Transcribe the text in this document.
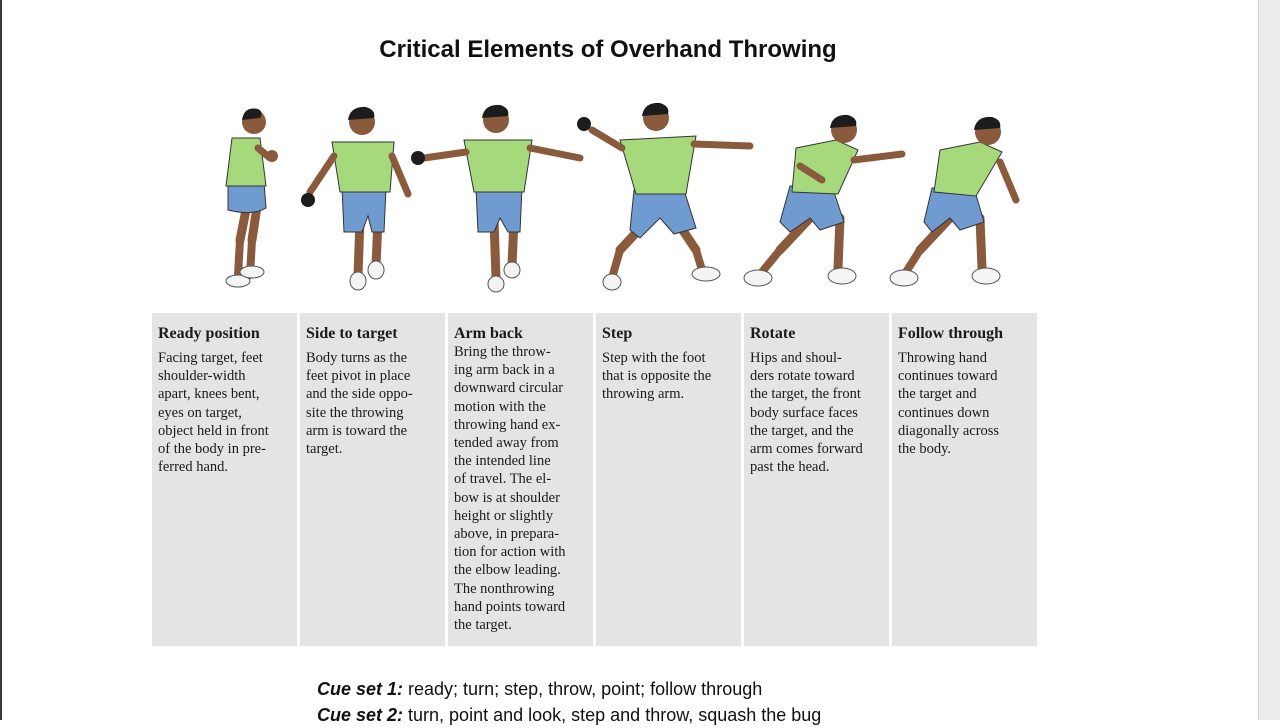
Critical Elements of Overhand Throwing
Ready position
Facing target, feet
shoulder-width
apart, knees bent,
eyes on target,
object held in front
of the body in pre-
ferred hand.
Side to target
Body turns as the
feet pivot in place
and the side oppo-
site the throwing
arm is toward the
target.
Arm back
Bring the throw-
ing arm back in a
downward circular
motion with the
throwing hand ex-
tended away from
the intended line
of travel. The el-
bow is at shoulder
height or slightly
above, in prepara-
tion for action with
the elbow leading.
The nonthrowing
hand points toward
the target.
Step
Step with the foot
that is opposite the
throwing arm.
Rotate
Hips and shoul-
ders rotate toward
the target, the front
body surface faces
the target, and the
arm comes forward
past the head.
Follow through
Throwing hand
continues toward
the target and
continues down
diagonally across
the body.
Cue set 1: ready; turn; step, throw, point; follow through
Cue set 2: turn, point and look, step and throw, squash the bug
